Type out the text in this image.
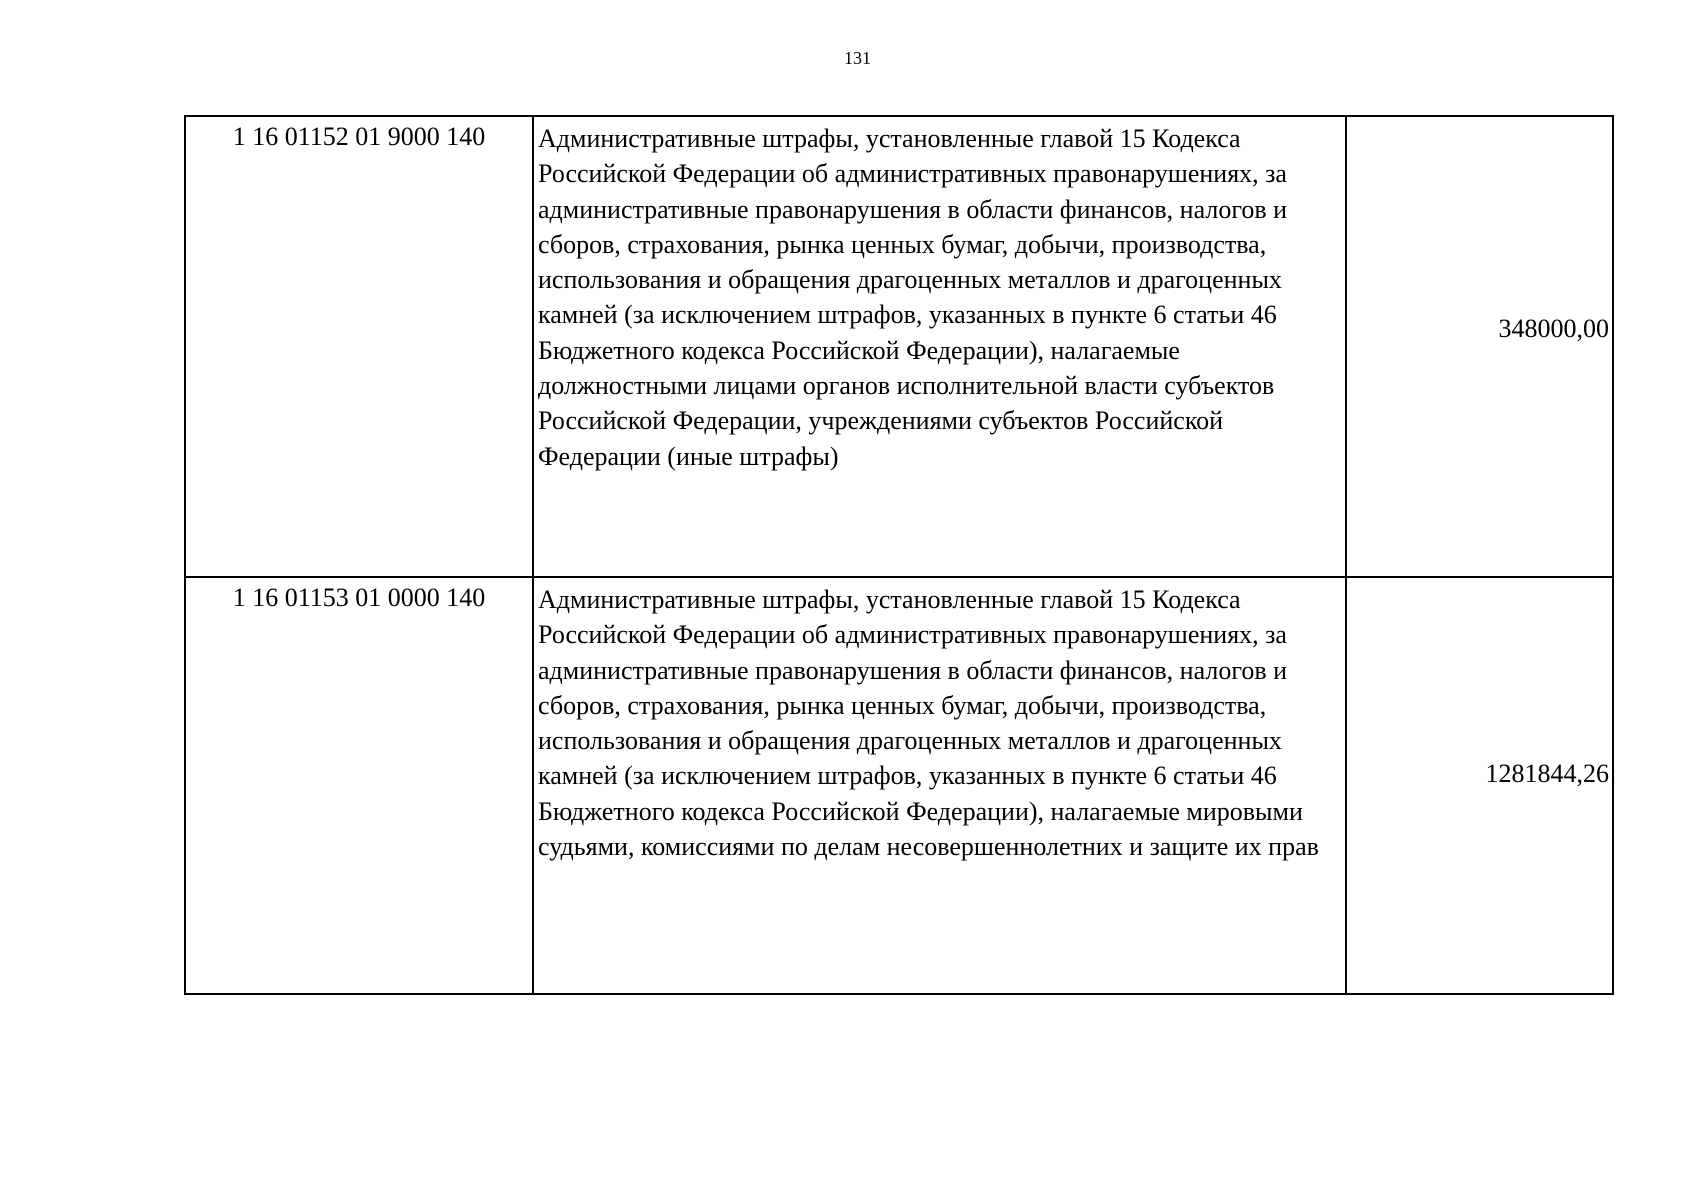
131
1 16 01152 01 9000 140	Административные штрафы, установленные главой 15 Кодекса Российской Федерации об административных правонарушениях, за административные правонарушения в области финансов, налогов и сборов, страхования, рынка ценных бумаг, добычи, производства, использования и обращения драгоценных металлов и драгоценных камней (за исключением штрафов, указанных в пункте 6 статьи 46 Бюджетного кодекса Российской Федерации), налагаемые должностными лицами органов исполнительной власти субъектов Российской Федерации, учреждениями субъектов Российской Федерации (иные штрафы)	348000,00
1 16 01153 01 0000 140	Административные штрафы, установленные главой 15 Кодекса Российской Федерации об административных правонарушениях, за административные правонарушения в области финансов, налогов и сборов, страхования, рынка ценных бумаг, добычи, производства, использования и обращения драгоценных металлов и драгоценных камней (за исключением штрафов, указанных в пункте 6 статьи 46 Бюджетного кодекса Российской Федерации), налагаемые мировыми судьями, комиссиями по делам несовершеннолетних и защите их прав	1281844,26
